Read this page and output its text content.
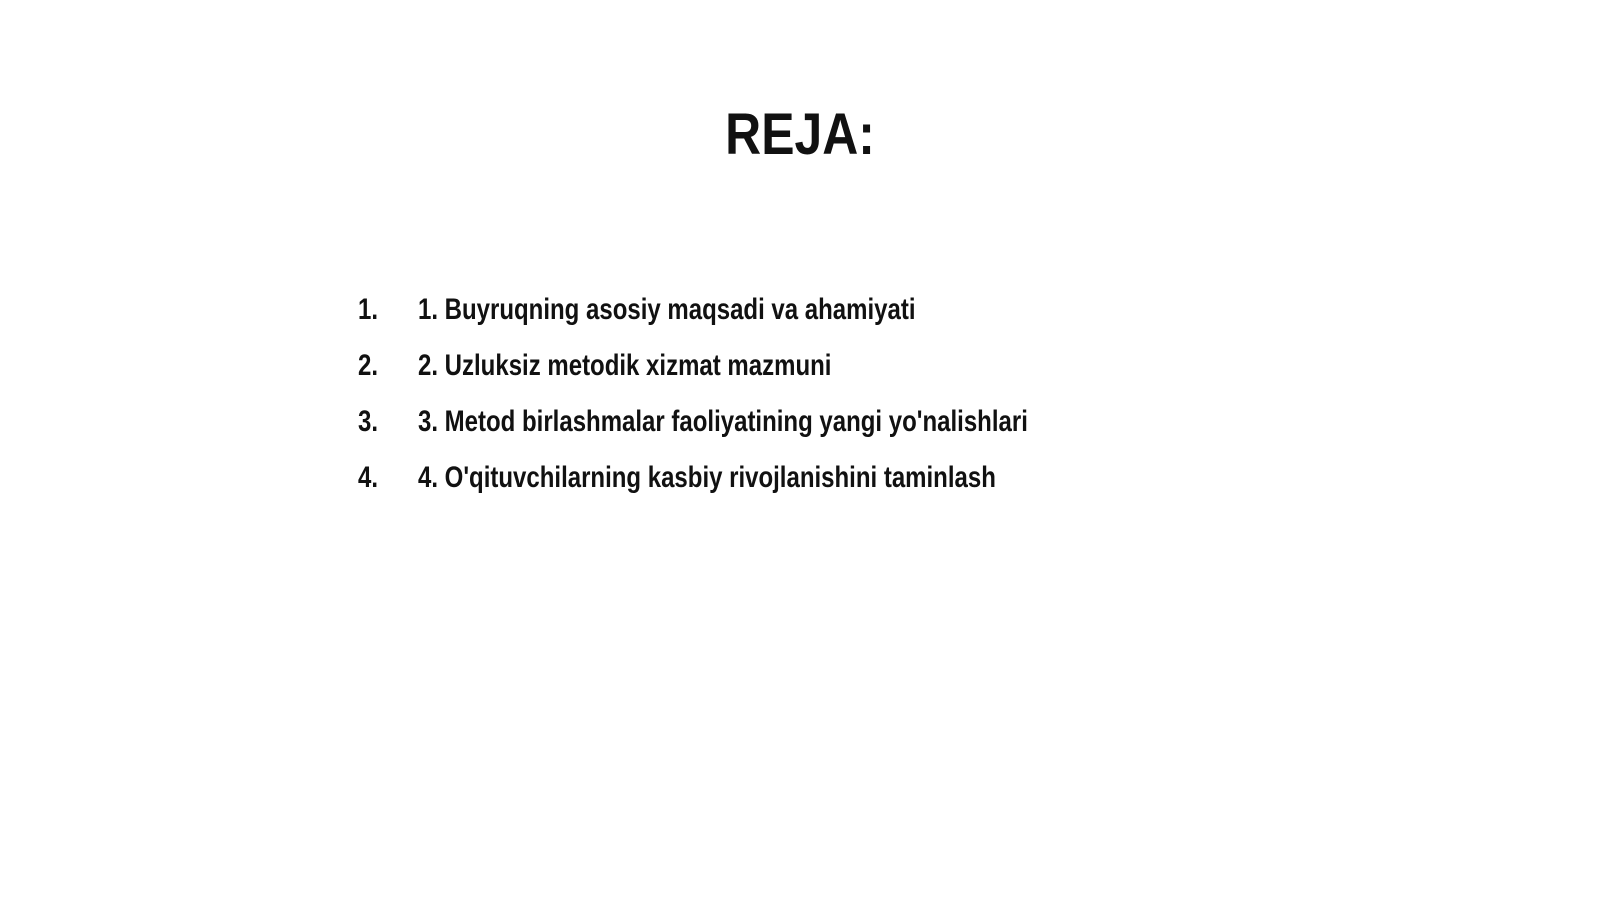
REJA:
1.	1. Buyruqning asosiy maqsadi va ahamiyati
2.	2. Uzluksiz metodik xizmat mazmuni
3.	3. Metod birlashmalar faoliyatining yangi yo'nalishlari
4.	4. O'qituvchilarning kasbiy rivojlanishini taminlash
